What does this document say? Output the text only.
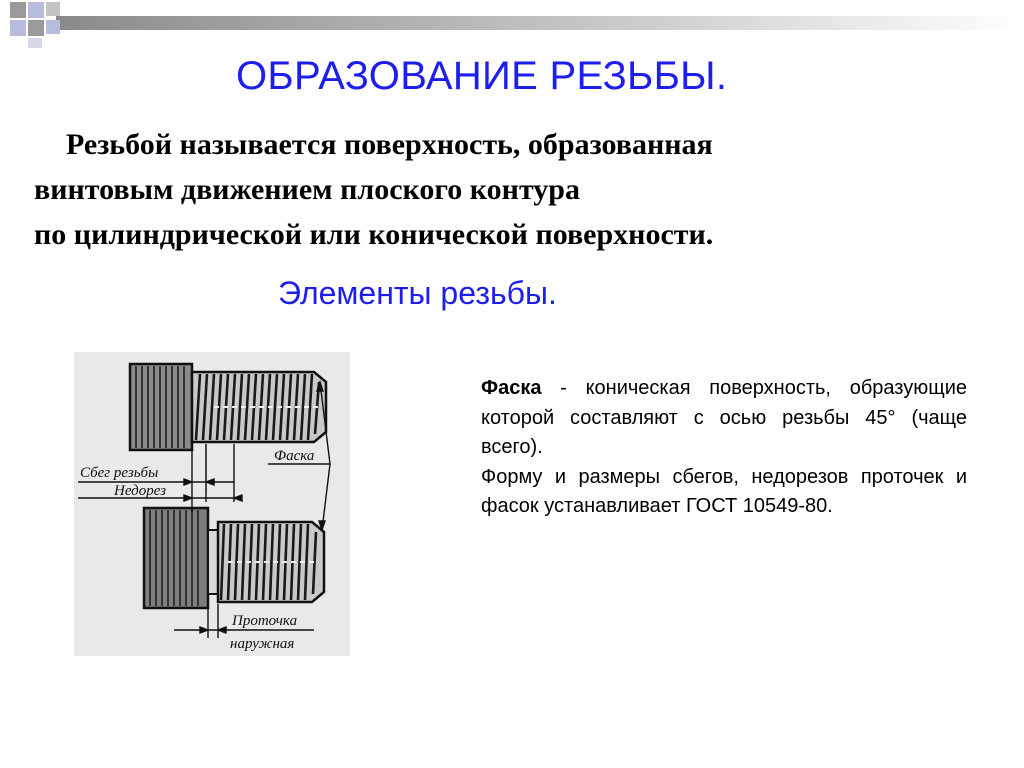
ОБРАЗОВАНИЕ РЕЗЬБЫ.
Резьбой называется поверхность, образованная
винтовым движением плоского контура
по цилиндрической или конической поверхности.
Элементы резьбы.
Сбег резьбы
Недорез
Фаска
Проточка
наружная

Фаска - коническая поверхность, образующие которой составляют с осью резьбы 45° (чаще всего).

Форму и размеры сбегов, недорезов проточек и фасок устанавливает ГОСТ 10549-80.
